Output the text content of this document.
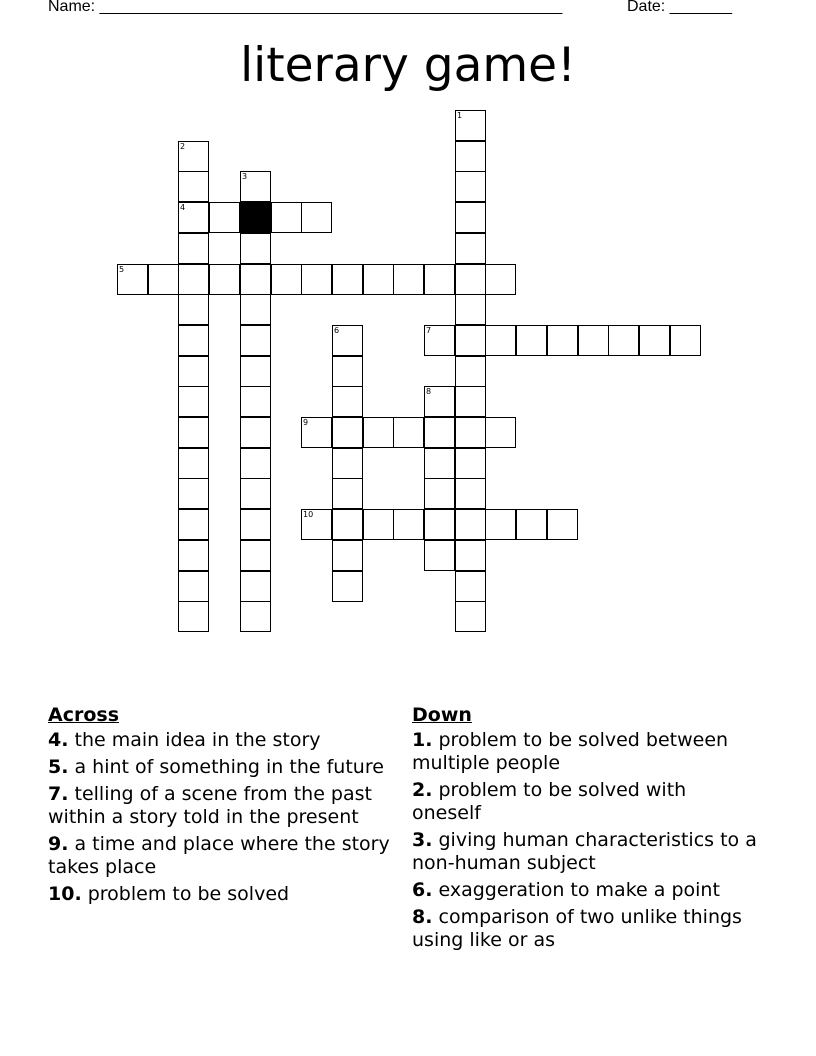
Name: ____________________________________________________	Date: _______
literary game!
1
2
4
3
5
6	7
8
9
10
Across
4. the main idea in the story
5. a hint of something in the future
7. telling of a scene from the past within a story told in the present
9. a time and place where the story takes place
10. problem to be solved
Down
1. problem to be solved between multiple people
2. problem to be solved with oneself
3. giving human characteristics to a non-human subject
6. exaggeration to make a point
8. comparison of two unlike things using like or as
